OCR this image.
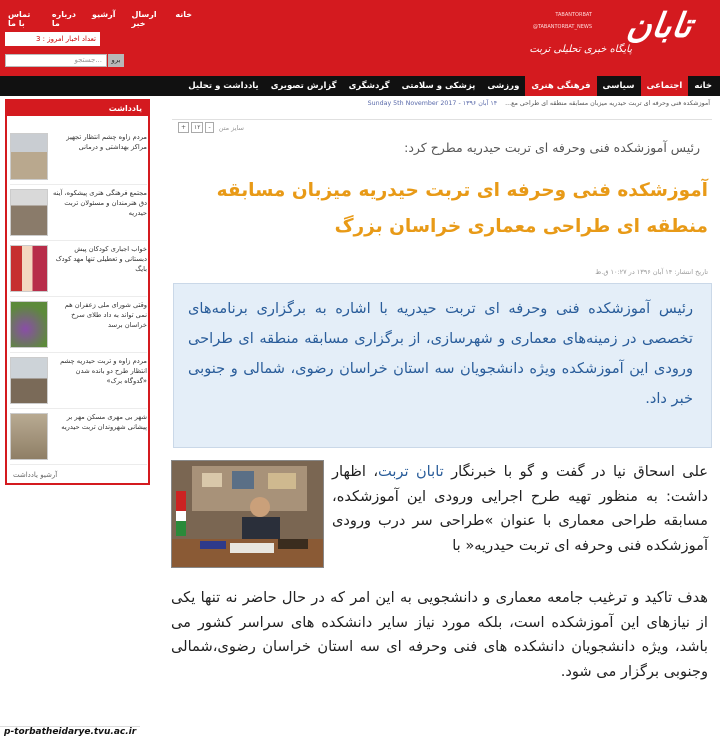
خانه
ارسال خبر
آرشیو
درباره ما
تماس با ما
تعداد اخبار امروز : 3
جستجو...	برو
TABANTORBAT
@TABANTORBAT_NEWS تابان
پایگاه خبری تحلیلی تربت
خانه
اجتماعی
سیاسی
فرهنگی هنری
ورزشی
پزشکی و سلامتی
گردشگری
گزارش تصویری
یادداشت و تحلیل
یادداشت
مردم زاوه چشم انتظار تجهیز مراکز بهداشتی و درمانی
مجتمع فرهنگی هنری پیشکوه، آینه دق هنرمندان و مسئولان تربت حیدریه
خواب اجباری کودکان پیش دبستانی و تعطیلی تنها مهد کودک بایگ
وقتی شورای ملی زعفران هم نمی تواند به داد طلای سرخ خراسان برسد
مردم زاوه و تربت حیدریه چشم انتظار طرح دو بانده شدن «گدوگاه برک»
شهر بی مهری مسکن مهر بر پیشانی شهروندان تربت حیدریه
آرشیو یادداشت
آموزشکده فنی وحرفه ای تربت حیدریه میزبان مسابقه منطقه ای طراحی مع...    ۱۴ آبان ۱۳۹۶ - Sunday 5th November 2017
+	۱۲	-	سایز متن
رئیس آموزشکده فنی وحرفه ای تربت حیدریه مطرح کرد:
آموزشکده فنی وحرفه ای تربت حیدریه میزبان مسابقه منطقه ای طراحی معماری خراسان بزرگ
تاریخ انتشار: ۱۴ آبان ۱۳۹۶ در ۱۰:۲۷ ق.ظ
رئیس آموزشکده فنی وحرفه ای تربت حیدریه با اشاره به برگزاری برنامه‌های تخصصی در زمینه‌های معماری و شهرسازی، از برگزاری مسابقه منطقه ای طراحی ورودی این آموزشکده ویژه دانشجویان سه استان خراسان رضوی، شمالی و جنوبی خبر داد.
علی اسحاق نیا در گفت و گو با خبرنگار تابان تربت، اظهار داشت: به منظور تهیه طرح اجرایی ورودی این آموزشکده، مسابقه طراحی معماری با عنوان »طراحی سر درب ورودی آموزشکده فنی وحرفه ای تربت حیدریه« با
هدف تاکید و ترغیب جامعه معماری و دانشجویی به این امر که در حال حاضر نه تنها یکی از نیازهای این آموزشکده است، بلکه مورد نیاز سایر دانشکده های سراسر کشور می باشد، ویژه دانشجویان دانشکده های فنی وحرفه ای سه استان خراسان رضوی،شمالی وجنوبی برگزار می شود.
p-torbatheidarye.tvu.ac.ir
